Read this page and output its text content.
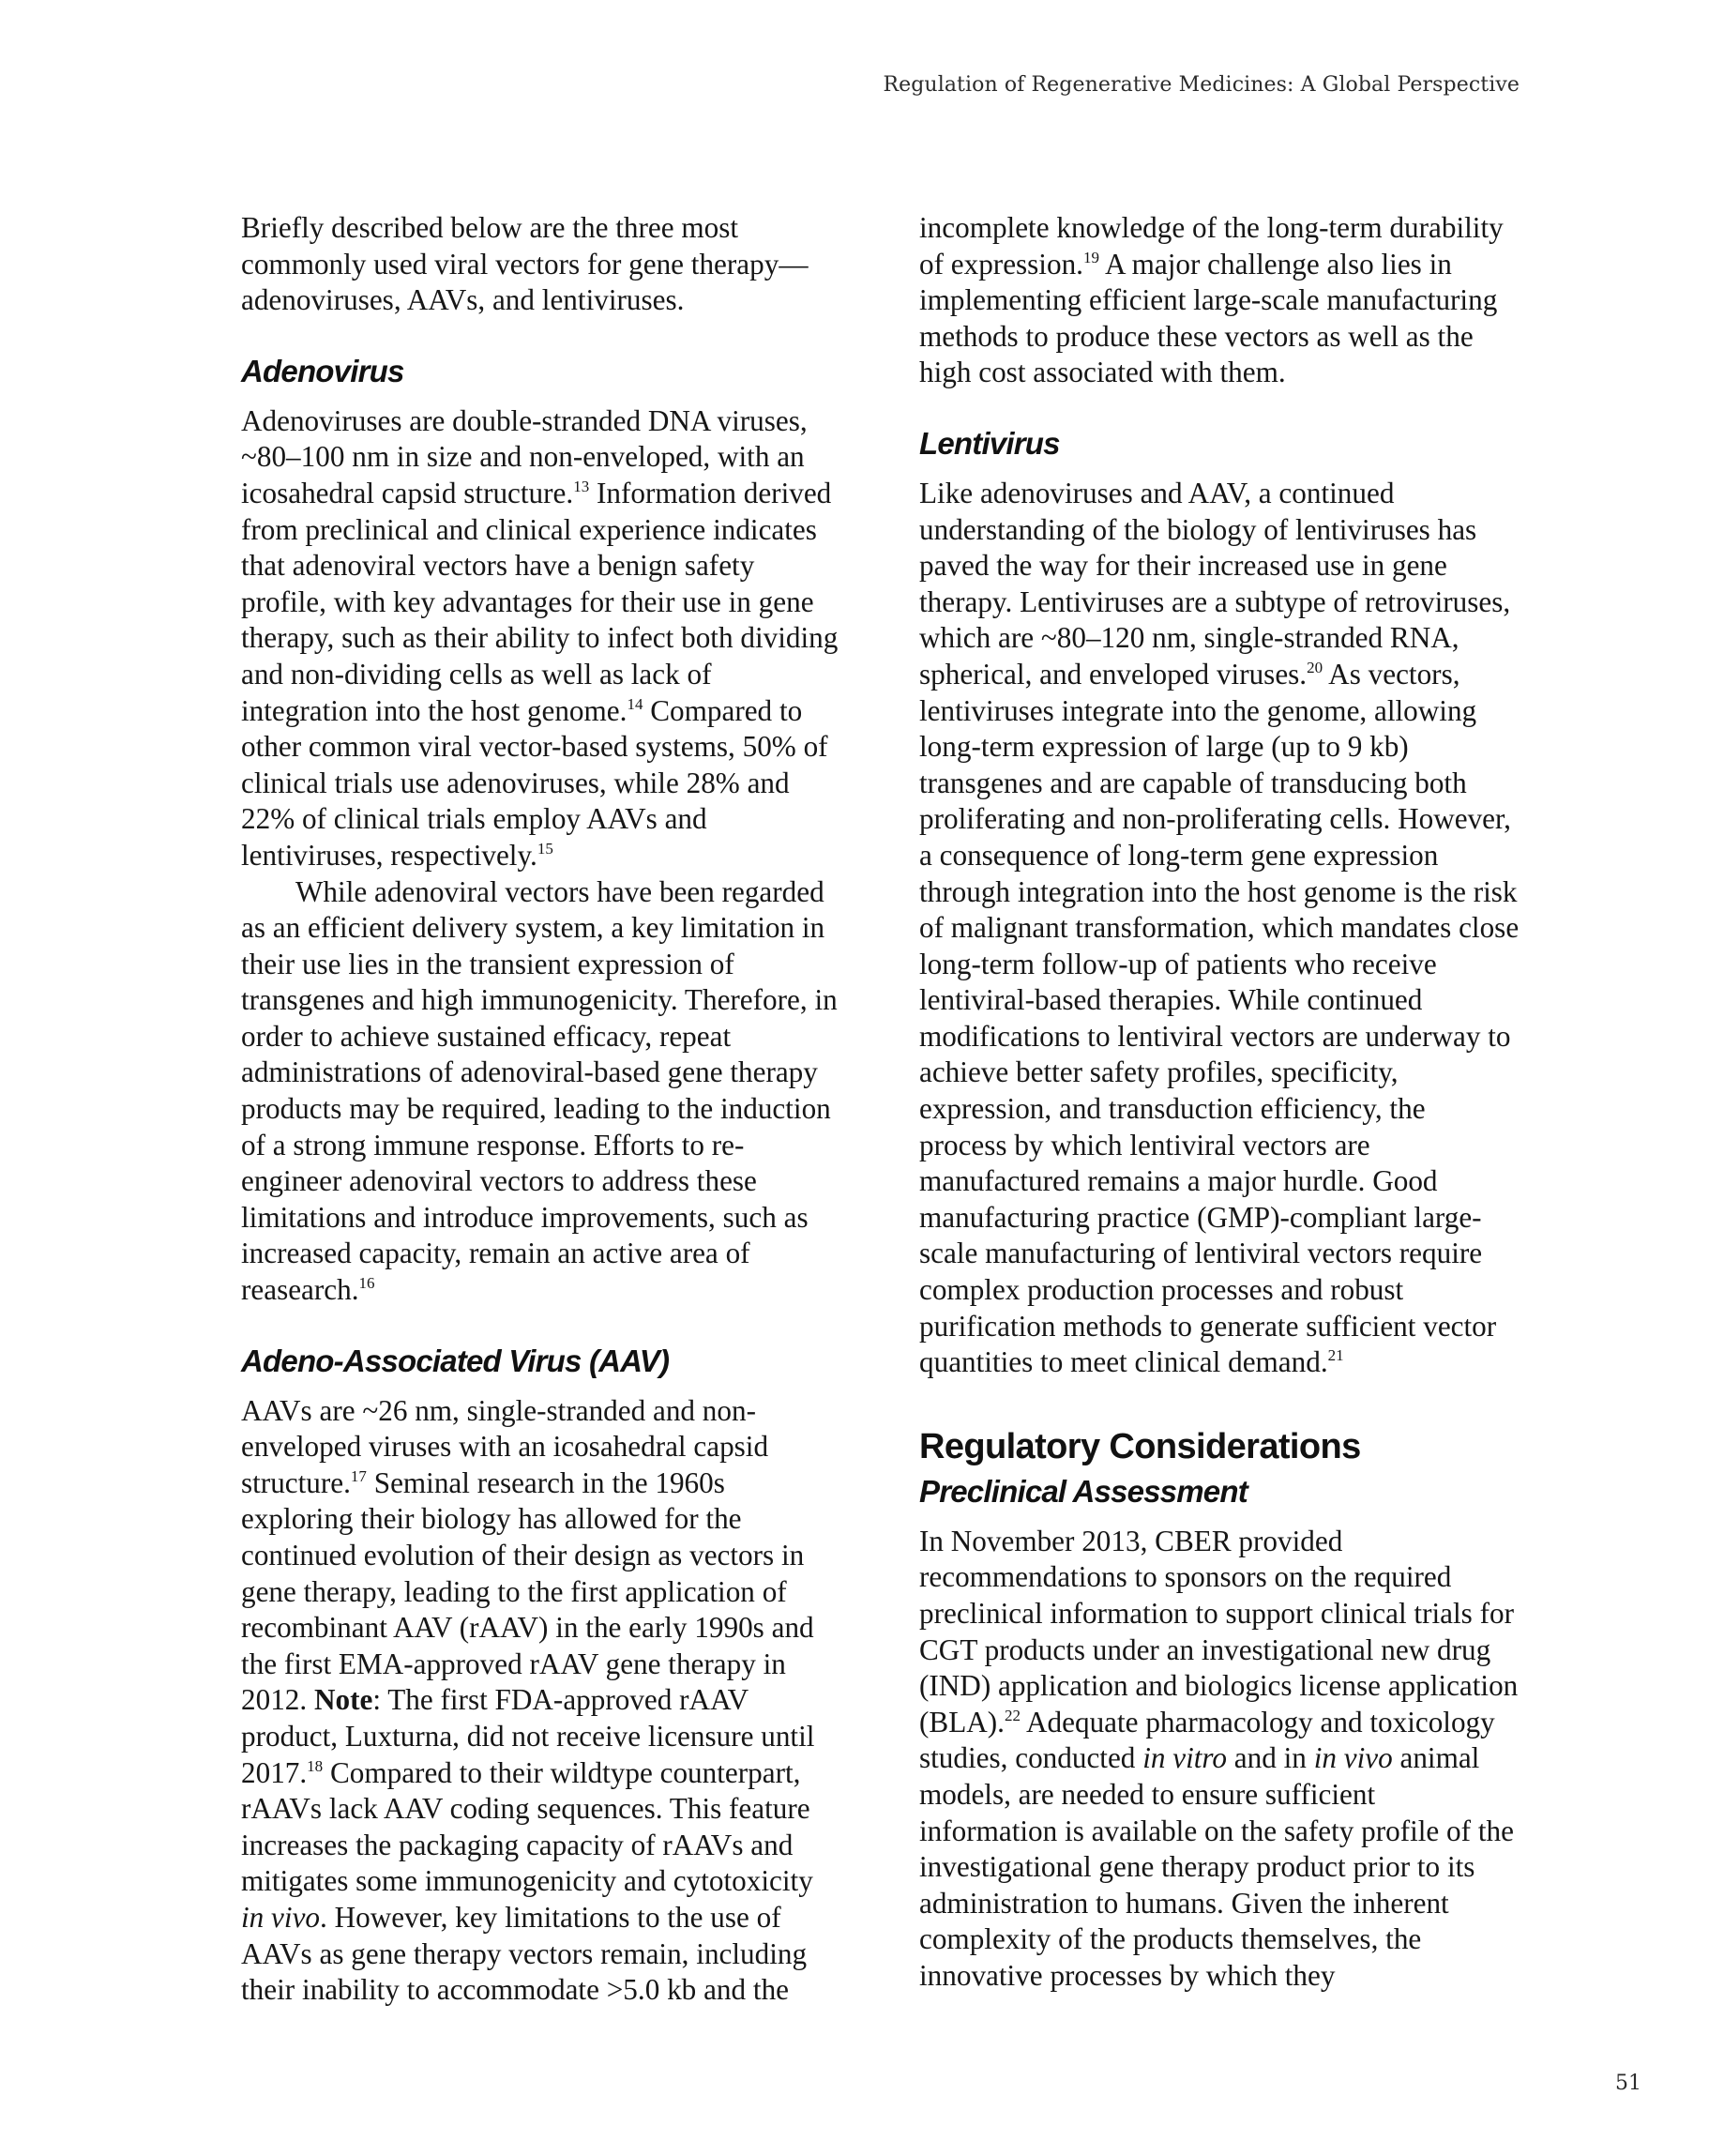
Regulation of Regenerative Medicines: A Global Perspective

Briefly described below are the three most commonly used viral vectors for gene therapy—adenoviruses, AAVs, and lentiviruses.

Adenovirus

Adenoviruses are double-stranded DNA viruses, ~80–100 nm in size and non-enveloped, with an icosahedral capsid structure.$^{13}$ Information derived from preclinical and clinical experience indicates that adenoviral vectors have a benign safety profile, with key advantages for their use in gene therapy, such as their ability to infect both dividing and non-dividing cells as well as lack of integration into the host genome.$^{14}$ Compared to other common viral vector-based systems, 50% of clinical trials use adenoviruses, while 28% and 22% of clinical trials employ AAVs and lentiviruses, respectively.$^{15}$

While adenoviral vectors have been regarded as an efficient delivery system, a key limitation in their use lies in the transient expression of transgenes and high immunogenicity. Therefore, in order to achieve sustained efficacy, repeat administrations of adenoviral-based gene therapy products may be required, leading to the induction of a strong immune response. Efforts to re-engineer adenoviral vectors to address these limitations and introduce improvements, such as increased capacity, remain an active area of reasearch.$^{16}$

Adeno-Associated Virus (AAV)

AAVs are ~26 nm, single-stranded and non-enveloped viruses with an icosahedral capsid structure.$^{17}$ Seminal research in the 1960s exploring their biology has allowed for the continued evolution of their design as vectors in gene therapy, leading to the first application of recombinant AAV (rAAV) in the early 1990s and the first EMA-approved rAAV gene therapy in 2012. Note: The first FDA-approved rAAV product, Luxturna, did not receive licensure until 2017.18 Compared to their wildtype counterpart, rAAVs lack AAV coding sequences. This feature increases the packaging capacity of rAAVs and mitigates some immunogenicity and cytotoxicity in vivo. However, key limitations to the use of AAVs as gene therapy vectors remain, including their inability to accommodate >5.0 kb and the

incomplete knowledge of the long-term durability of expression.$^{19}$ A major challenge also lies in implementing efficient large-scale manufacturing methods to produce these vectors as well as the high cost associated with them.

Lentivirus

Like adenoviruses and AAV, a continued understanding of the biology of lentiviruses has paved the way for their increased use in gene therapy. Lentiviruses are a subtype of retroviruses, which are ~80–120 nm, single-stranded RNA, spherical, and enveloped viruses.$^{20}$ As vectors, lentiviruses integrate into the genome, allowing long-term expression of large (up to 9 kb) transgenes and are capable of transducing both proliferating and non-proliferating cells. However, a consequence of long-term gene expression through integration into the host genome is the risk of malignant transformation, which mandates close long-term follow-up of patients who receive lentiviral-based therapies. While continued modifications to lentiviral vectors are underway to achieve better safety profiles, specificity, expression, and transduction efficiency, the process by which lentiviral vectors are manufactured remains a major hurdle. Good manufacturing practice (GMP)-compliant large-scale manufacturing of lentiviral vectors require complex production processes and robust purification methods to generate sufficient vector quantities to meet clinical demand.$^{21}$

Regulatory Considerations
Preclinical Assessment

In November 2013, CBER provided recommendations to sponsors on the required preclinical information to support clinical trials for CGT products under an investigational new drug (IND) application and biologics license application (BLA).$^{22}$ Adequate pharmacology and toxicology studies, conducted in vitro and in in vivo animal models, are needed to ensure sufficient information is available on the safety profile of the investigational gene therapy product prior to its administration to humans. Given the inherent complexity of the products themselves, the innovative processes by which they

51
